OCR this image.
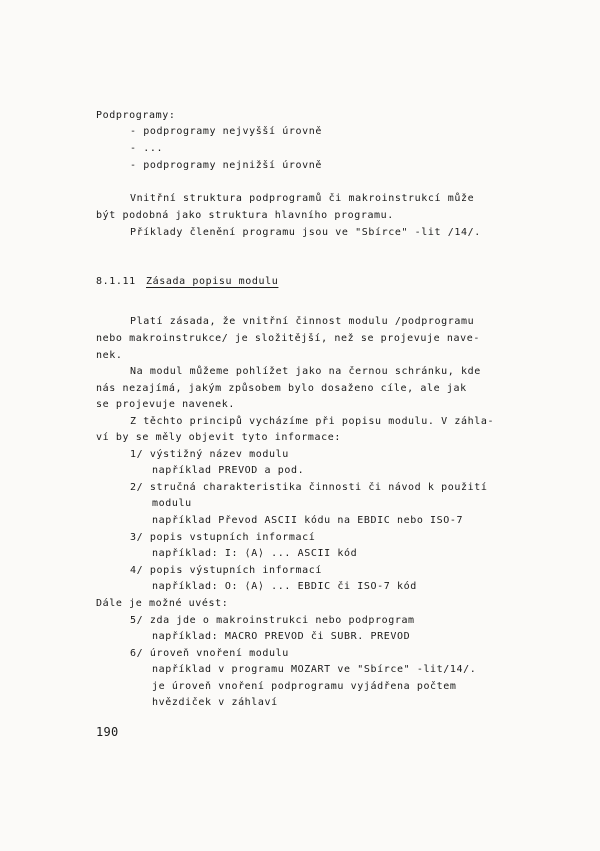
Podprogramy:
- podprogramy nejvyšší úrovně
- ...
- podprogramy nejnižší úrovně
Vnitřní struktura podprogramů či makroinstrukcí může
být podobná jako struktura hlavního programu.
Příklady členění programu jsou ve "Sbírce" -lit /14/.
8.1.11 Zásada popisu modulu
Platí zásada, že vnitřní činnost modulu /podprogramu
nebo makroinstrukce/ je složitější, než se projevuje nave-
nek.
Na modul můžeme pohlížet jako na černou schránku, kde
nás nezajímá, jakým způsobem bylo dosaženo cíle, ale jak
se projevuje navenek.
Z těchto principů vycházíme při popisu modulu. V záhla-
ví by se měly objevit tyto informace:
1/ výstižný název modulu
například PREVOD a pod.
2/ stručná charakteristika činnosti či návod k použití
modulu
například Převod ASCII kódu na EBDIC nebo ISO-7
3/ popis vstupních informací
například: I: ⟨A⟩ ... ASCII kód
4/ popis výstupních informací
například: O: ⟨A⟩ ... EBDIC či ISO-7 kód
Dále je možné uvést:
5/ zda jde o makroinstrukci nebo podprogram
například: MACRO PREVOD či SUBR. PREVOD
6/ úroveň vnoření modulu
například v programu MOZART ve "Sbírce" -lit/14/.
je úroveň vnoření podprogramu vyjádřena počtem
hvězdiček v záhlaví
190
